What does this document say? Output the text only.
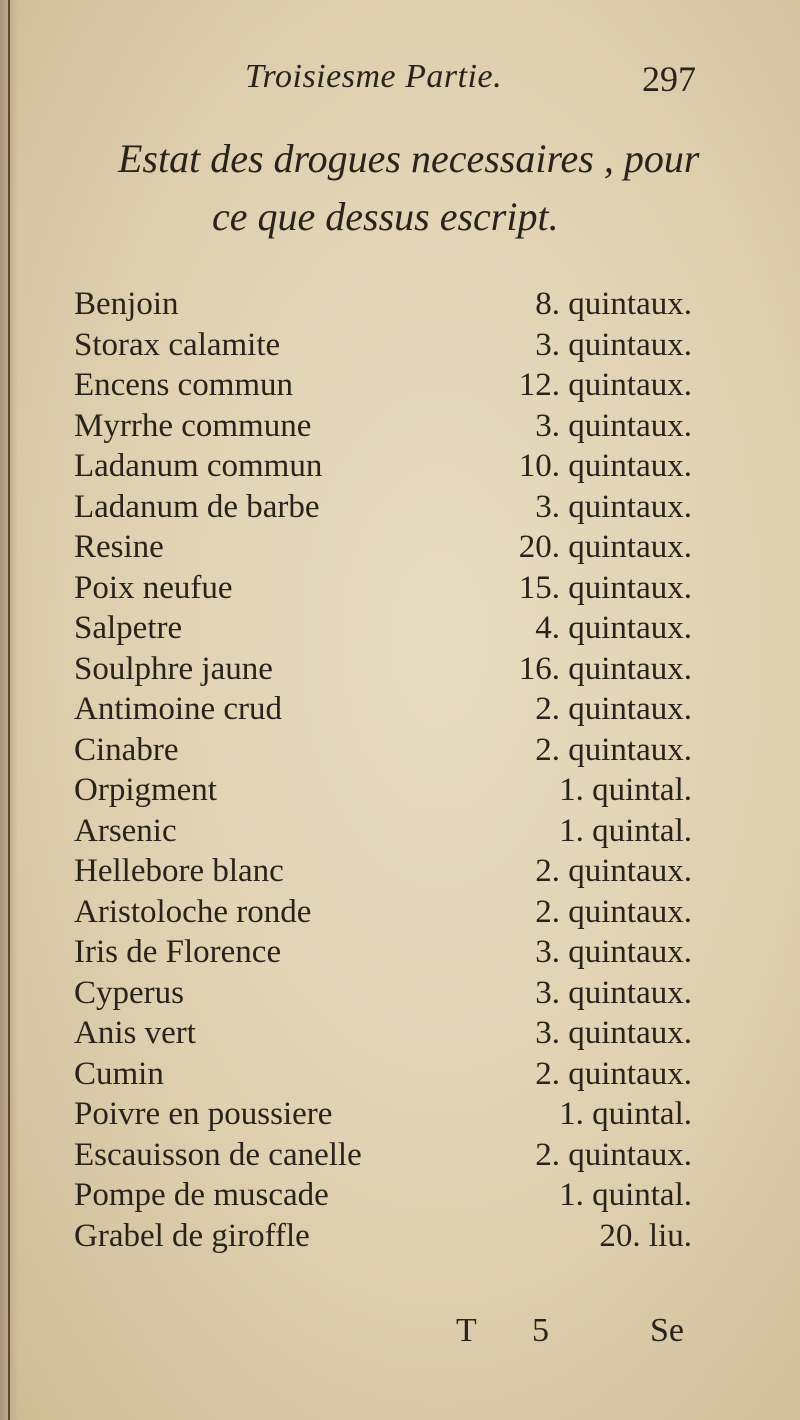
Troisiesme Partie.	297
Estat des drogues necessaires , pour
ce que dessus escript.
Benjoin	8. quintaux.
Storax calamite	3. quintaux.
Encens commun	12. quintaux.
Myrrhe commune	3. quintaux.
Ladanum commun	10. quintaux.
Ladanum de barbe	3. quintaux.
Resine	20. quintaux.
Poix neufue	15. quintaux.
Salpetre	4. quintaux.
Soulphre jaune	16. quintaux.
Antimoine crud	2. quintaux.
Cinabre	2. quintaux.
Orpigment	1. quintal.
Arsenic	1. quintal.
Hellebore blanc	2. quintaux.
Aristoloche ronde	2. quintaux.
Iris de Florence	3. quintaux.
Cyperus	3. quintaux.
Anis vert	3. quintaux.
Cumin	2. quintaux.
Poivre en poussiere	1. quintal.
Escauisson de canelle	2. quintaux.
Pompe de muscade	1. quintal.
Grabel de giroffle	20. liu.
T 5	Se
